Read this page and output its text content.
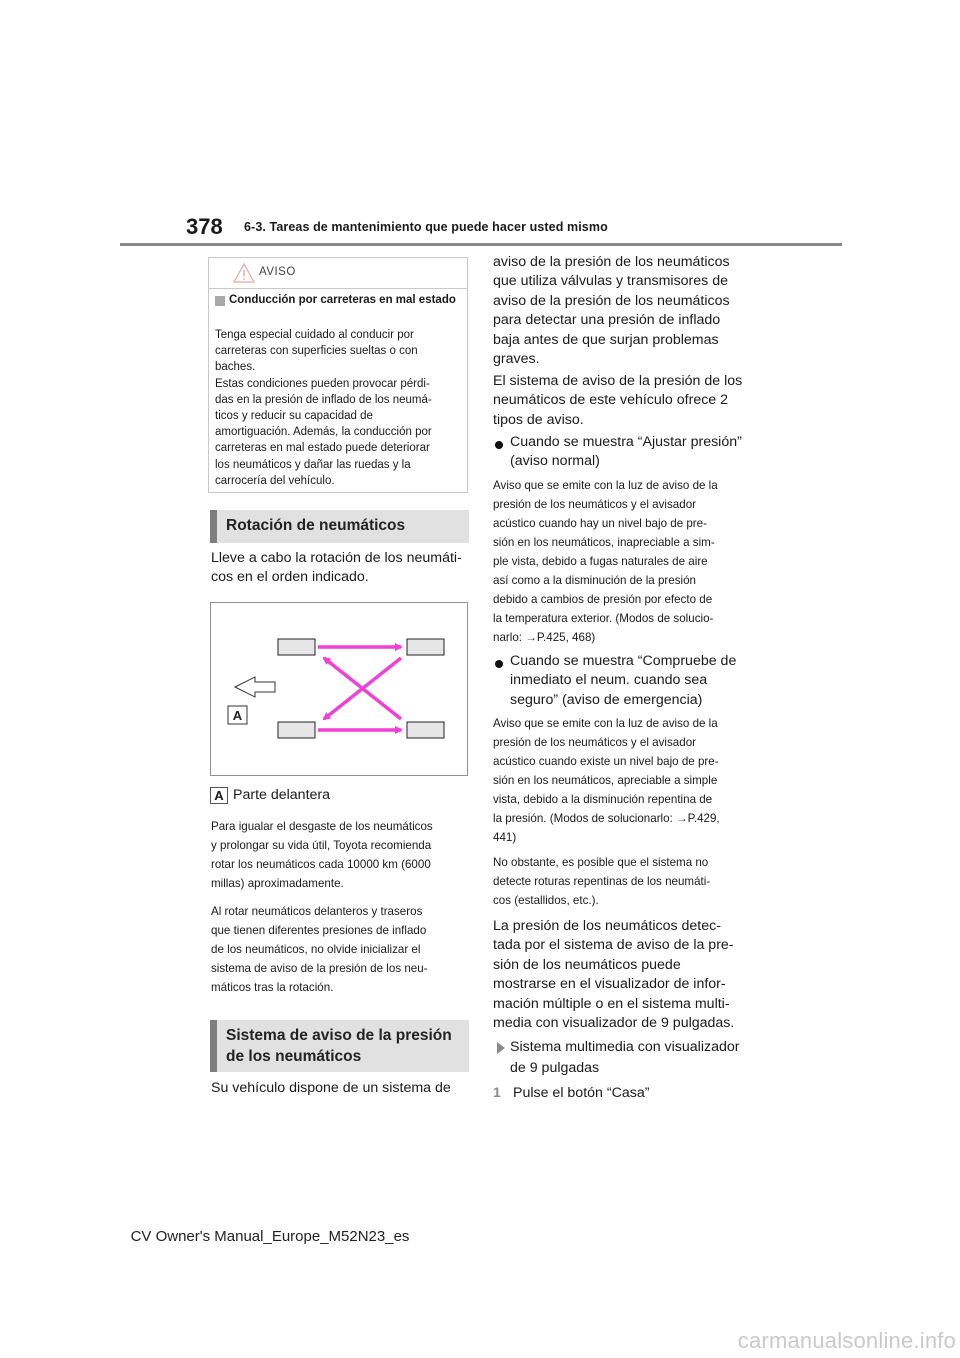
378 6-3. Tareas de mantenimiento que puede hacer usted mismo
AVISO
Conducción por carreteras en mal estado

Tenga especial cuidado al conducir por

carreteras con superficies sueltas o con

baches.

Estas condiciones pueden provocar pérdi-

das en la presión de inflado de los neumá-

ticos y reducir su capacidad de

amortiguación. Además, la conducción por

carreteras en mal estado puede deteriorar

los neumáticos y dañar las ruedas y la

carrocería del vehículo.

Rotación de neumáticos
Lleve a cabo la rotación de los neumáti-
cos en el orden indicado.
A
A Parte delantera
Para igualar el desgaste de los neumáticos
y prolongar su vida útil, Toyota recomienda
rotar los neumáticos cada 10000 km (6000
millas) aproximadamente.
Al rotar neumáticos delanteros y traseros
que tienen diferentes presiones de inflado
de los neumáticos, no olvide inicializar el
sistema de aviso de la presión de los neu-
máticos tras la rotación.
Sistema de aviso de la presión
de los neumáticos
Su vehículo dispone de un sistema de
aviso de la presión de los neumáticos
que utiliza válvulas y transmisores de
aviso de la presión de los neumáticos
para detectar una presión de inflado
baja antes de que surjan problemas
graves.
El sistema de aviso de la presión de los
neumáticos de este vehículo ofrece 2
tipos de aviso.
Cuando se muestra “Ajustar presión”
(aviso normal)
Aviso que se emite con la luz de aviso de la
presión de los neumáticos y el avisador
acústico cuando hay un nivel bajo de pre-
sión en los neumáticos, inapreciable a sim-
ple vista, debido a fugas naturales de aire
así como a la disminución de la presión
debido a cambios de presión por efecto de
la temperatura exterior. (Modos de solucio-
narlo: →P.425, 468)
Cuando se muestra “Compruebe de
inmediato el neum. cuando sea
seguro” (aviso de emergencia)
Aviso que se emite con la luz de aviso de la
presión de los neumáticos y el avisador
acústico cuando existe un nivel bajo de pre-
sión en los neumáticos, apreciable a simple
vista, debido a la disminución repentina de
la presión. (Modos de solucionarlo: →P.429,
441)
No obstante, es posible que el sistema no
detecte roturas repentinas de los neumáti-
cos (estallidos, etc.).
La presión de los neumáticos detec-
tada por el sistema de aviso de la pre-
sión de los neumáticos puede
mostrarse en el visualizador de infor-
mación múltiple o en el sistema multi-
media con visualizador de 9 pulgadas.
Sistema multimedia con visualizador
de 9 pulgadas
1 Pulse el botón “Casa”
CV Owner's Manual_Europe_M52N23_es
carmanualsonline.info
